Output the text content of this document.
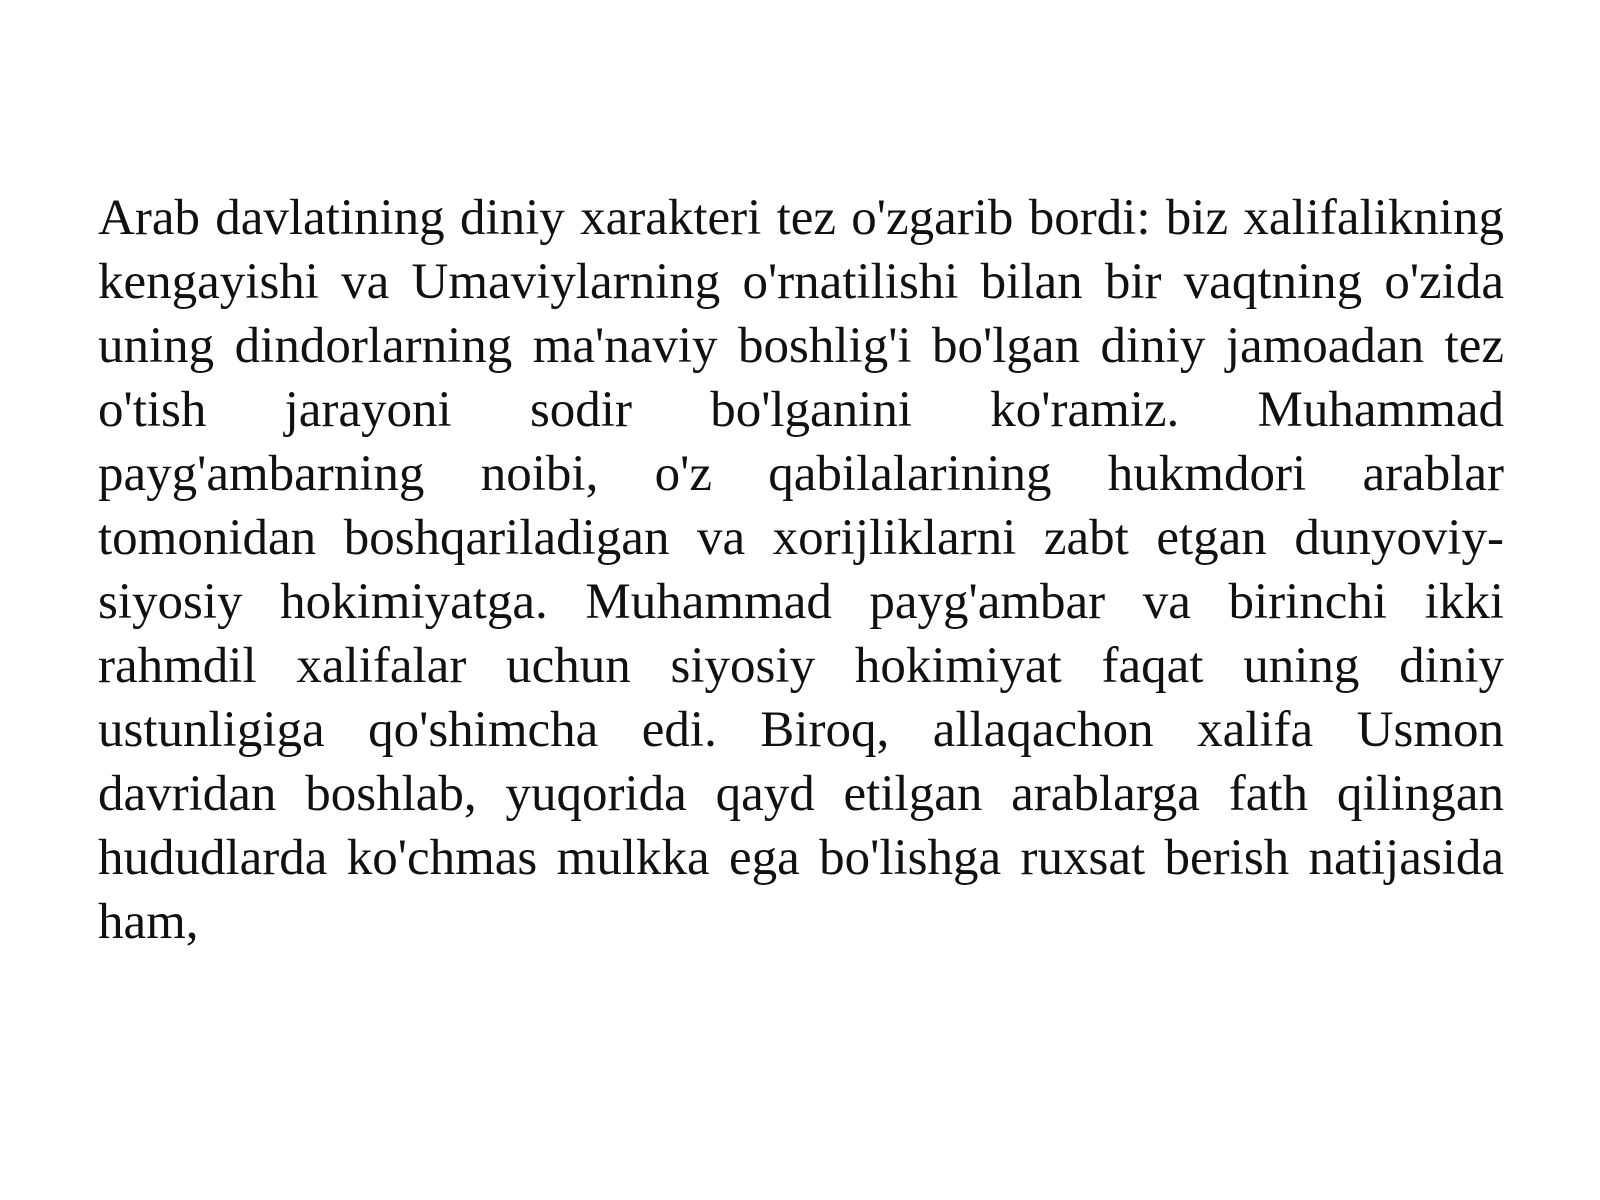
Arab davlatining diniy xarakteri tez o'zgarib bordi: biz xalifalikning kengayishi va Umaviylarning o'rnatilishi bilan bir vaqtning o'zida uning dindorlarning ma'naviy boshlig'i bo'lgan diniy jamoadan tez o'tish jarayoni sodir bo'lganini ko'ramiz. Muhammad payg'ambarning noibi, o'z qabilalarining hukmdori arablar tomonidan boshqariladigan va xorijliklarni zabt etgan dunyoviy-siyosiy hokimiyatga. Muhammad payg'ambar va birinchi ikki rahmdil xalifalar uchun siyosiy hokimiyat faqat uning diniy ustunligiga qo'shimcha edi. Biroq, allaqachon xalifa Usmon davridan boshlab, yuqorida qayd etilgan arablarga fath qilingan hududlarda ko'chmas mulkka ega bo'lishga ruxsat berish natijasida ham,
